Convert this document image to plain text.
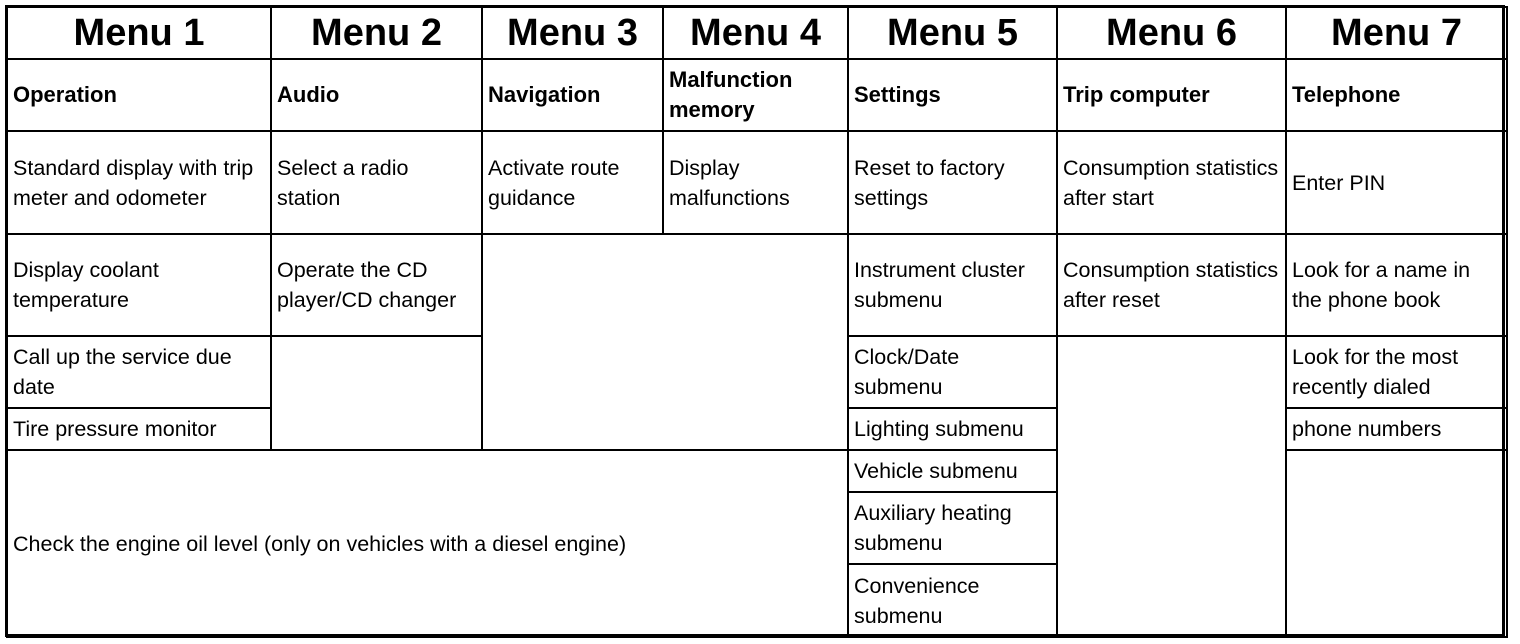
Menu 1	Menu 2	Menu 3	Menu 4	Menu 5	Menu 6	Menu 7
Operation	Audio	Navigation	Malfunction memory	Settings	Trip computer	Telephone
Standard display with trip meter and odometer	Select a radio station	Activate route guidance	Display malfunctions	Reset to factory settings	Consumption statistics after start	Enter PIN
Display coolant temperature	Operate the CD player/CD changer			Instrument cluster submenu	Consumption statistics after reset	Look for a name in the phone book
Call up the service due date				Clock/Date submenu		Look for the most recently dialed
Tire pressure monitor				Lighting submenu		phone numbers
Check the engine oil level (only on vehicles with a diesel engine)				Vehicle submenu		
				Auxiliary heating submenu		
				Convenience submenu		
